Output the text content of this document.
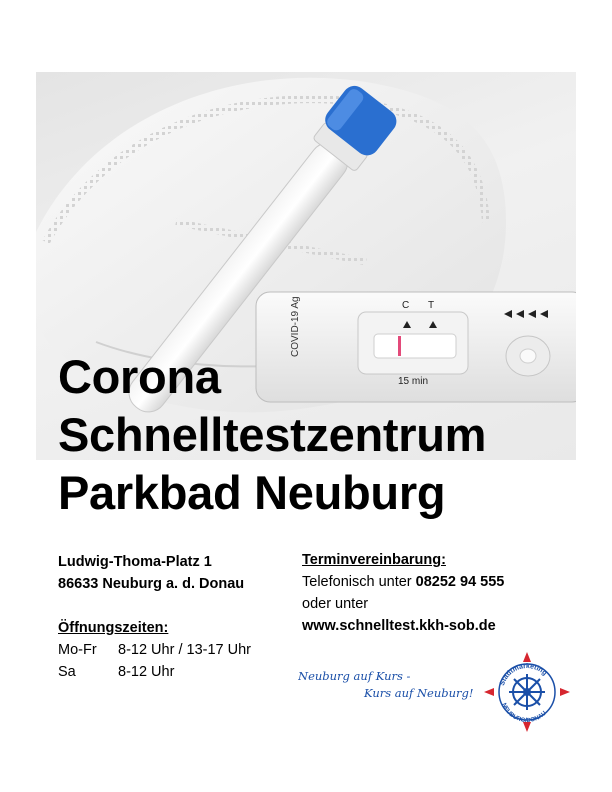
COVID-19 Ag	C T
15 min
Corona
Schnelltestzentrum
Parkbad Neuburg
Ludwig-Thoma-Platz 1
86633 Neuburg a. d. Donau
Öffnungszeiten:
Mo-Fr 8-12 Uhr / 13-17 Uhr
Sa	8-12 Uhr
Terminvereinbarung:
Telefonisch unter 08252 94 555
oder unter
www.schnelltest.kkh-sob.de
Neuburg auf Kurs -
Kurs auf Neuburg!
Stadtmarketing
NEUBURG/DONAU
